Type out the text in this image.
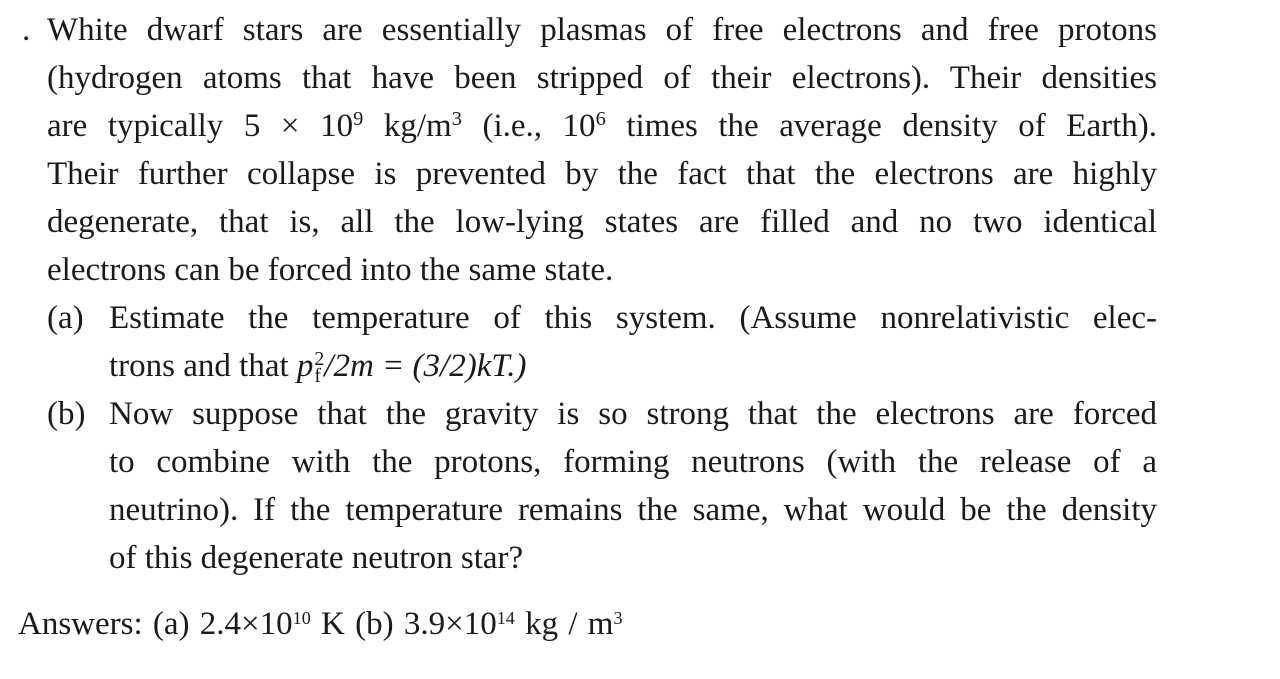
. White dwarf stars are essentially plasmas of free electrons and free protons
(hydrogen atoms that have been stripped of their electrons). Their densities
are typically $5 \times 10^9$ $kg/m^3$ (i.e., $10^6$ times the average density of Earth).
Their further collapse is prevented by the fact that the electrons are highly
degenerate, that is, all the low-lying states are filled and no two identical
electrons can be forced into the same state.
(a) Estimate the temperature of this system. (Assume nonrelativistic elec-
trons and that p2
f/2m = (3/2)kT.)
(b) Now suppose that the gravity is so strong that the electrons are forced
to combine with the protons, forming neutrons (with the release of a
neutrino). If the temperature remains the same, what would be the density
of this degenerate neutron star?
Answers: (a) $2.4\times 10^{10}$ K (b) $3.9\times 10^{14}$ kg / $m^3$
